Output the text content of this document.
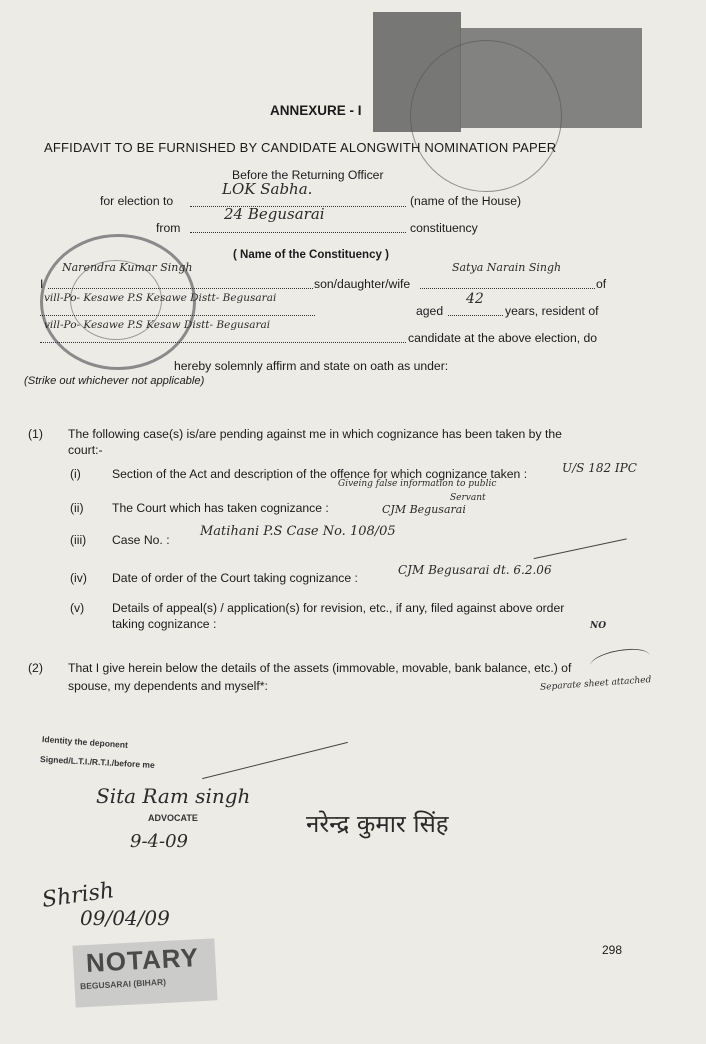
ANNEXURE - I
AFFIDAVIT TO BE FURNISHED BY CANDIDATE ALONGWITH NOMINATION PAPER
Before the Returning Officer
for election to
LOK Sabha.
(name of the House)
from
24 Begusarai
constituency
( Name of the Constituency )
I
Narendra Kumar Singh
son/daughter/wife
Satya Narain Singh
of
vill-Po- Kesawe P.S Kesawe Distt- Begusarai
aged
42
years, resident of
vill-Po- Kesawe P.S Kesaw Distt- Begusarai
candidate at the above election, do
hereby solemnly affirm and state on oath as under:
(Strike out whichever not applicable)
(1) The following case(s) is/are pending against me in which cognizance has been taken by the
court:-
(i)	Section of the Act and description of the offence for which cognizance taken :	U/S 182 IPC
Giveing false information to public
(ii) The Court which has taken cognizance :
Servant
CJM Begusarai
(iii) Case No. :
Matihani P.S Case No. 108/05
(iv) Date of order of the Court taking cognizance :
CJM Begusarai dt. 6.2.06
(v) Details of appeal(s) / application(s) for revision, etc., if any, filed against above order
taking cognizance :	NO
(2) That I give herein below the details of the assets (immovable, movable, bank balance, etc.) of
spouse, my dependents and myself*:	Separate sheet attached
Identity the deponent
Signed/L.T.I./R.T.I./before me
Sita Ram singh
ADVOCATE
9-4-09
नरेन्द्र कुमार सिंह
Shrish
09/04/09
NOTARY
BEGUSARAI (BIHAR)
298
